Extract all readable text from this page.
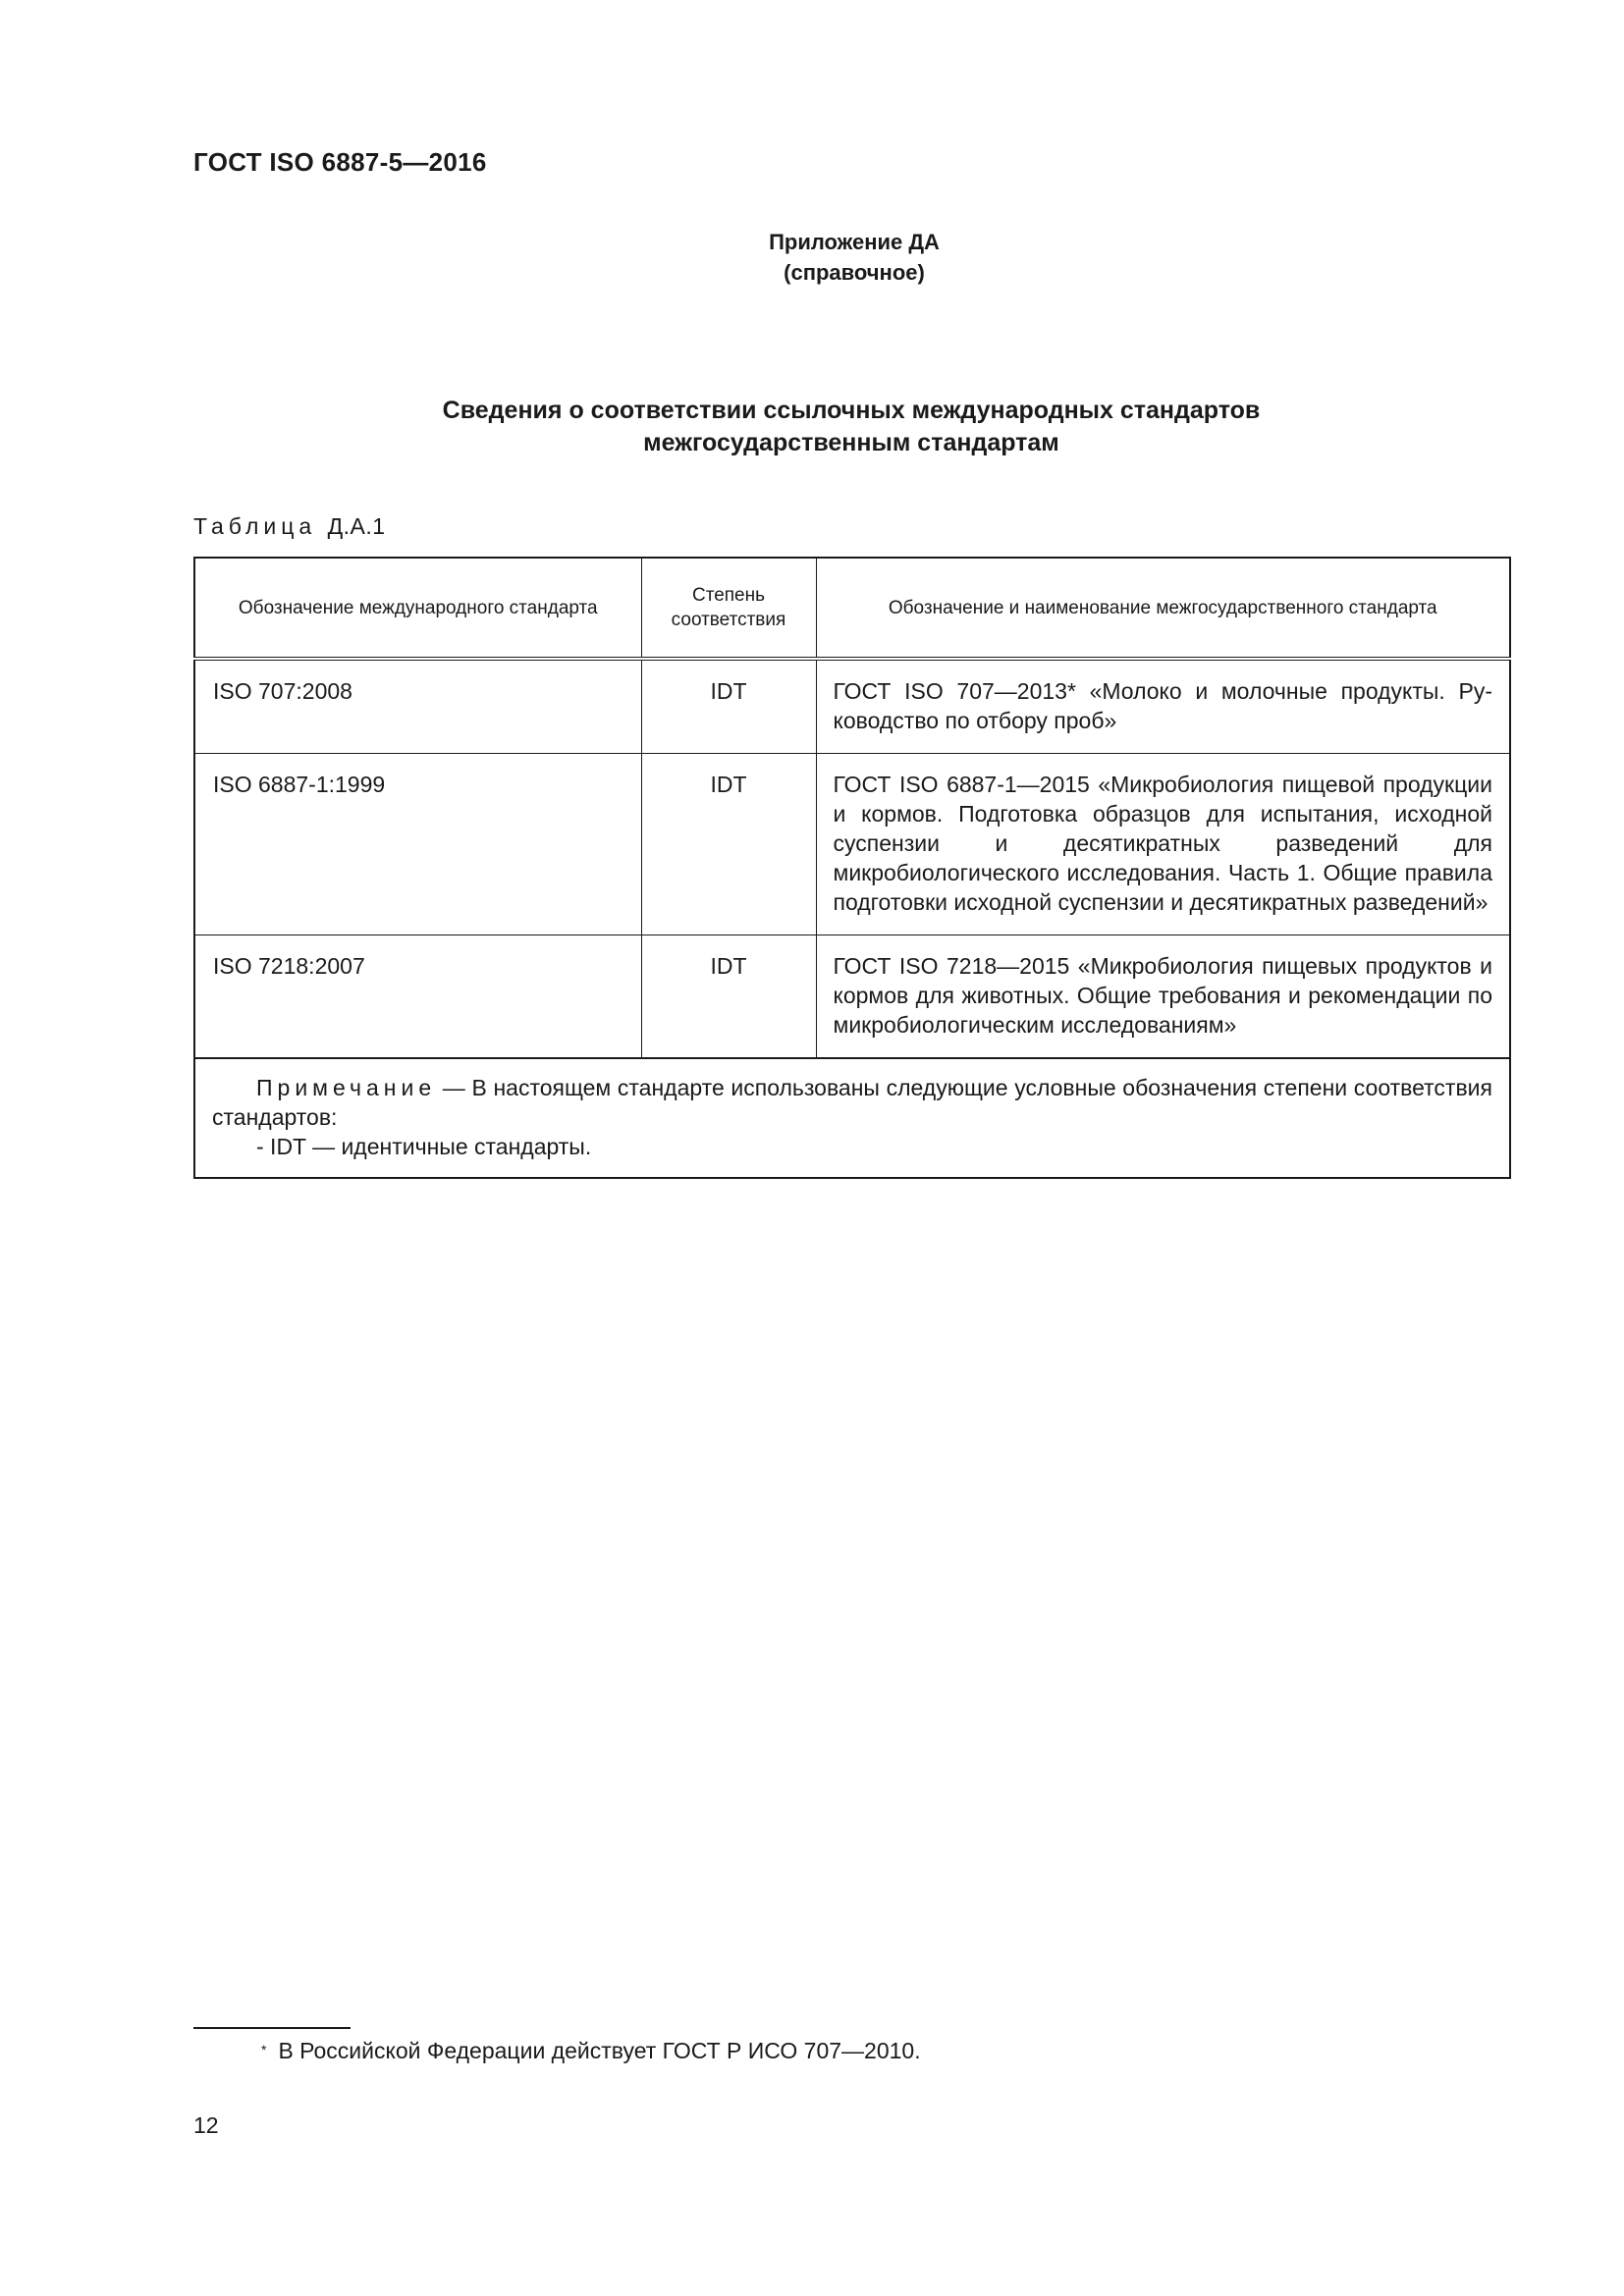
ГОСТ ISO 6887-5—2016
Приложение ДА
(справочное)
Сведения о соответствии ссылочных международных стандартов
межгосударственным стандартам
Таблица Д.А.1
Обозначение международного стандарта	Степень соответствия	Обозначение и наименование межгосударственного стандарта
ISO 707:2008	IDT	ГОСТ ISO 707—2013* «Молоко и молочные продукты. Руководство по отбору проб»
ISO 6887-1:1999	IDT	ГОСТ ISO 6887-1—2015 «Микробиология пищевой продукции и кормов. Подготовка образцов для испытания, исходной суспензии и десятикратных разведений для микробиологического исследования. Часть 1. Общие правила подготовки исходной суспензии и десятикратных разведений»
ISO 7218:2007	IDT	ГОСТ ISO 7218—2015 «Микробиология пищевых продуктов и кормов для животных. Общие требования и рекомендации по микробиологическим исследованиям»

Примечание — В настоящем стандарте использованы следующие условные обозначения степени соответствия стандартов:
- IDT — идентичные стандарты.		
* В Российской Федерации действует ГОСТ Р ИСО 707—2010.
12
